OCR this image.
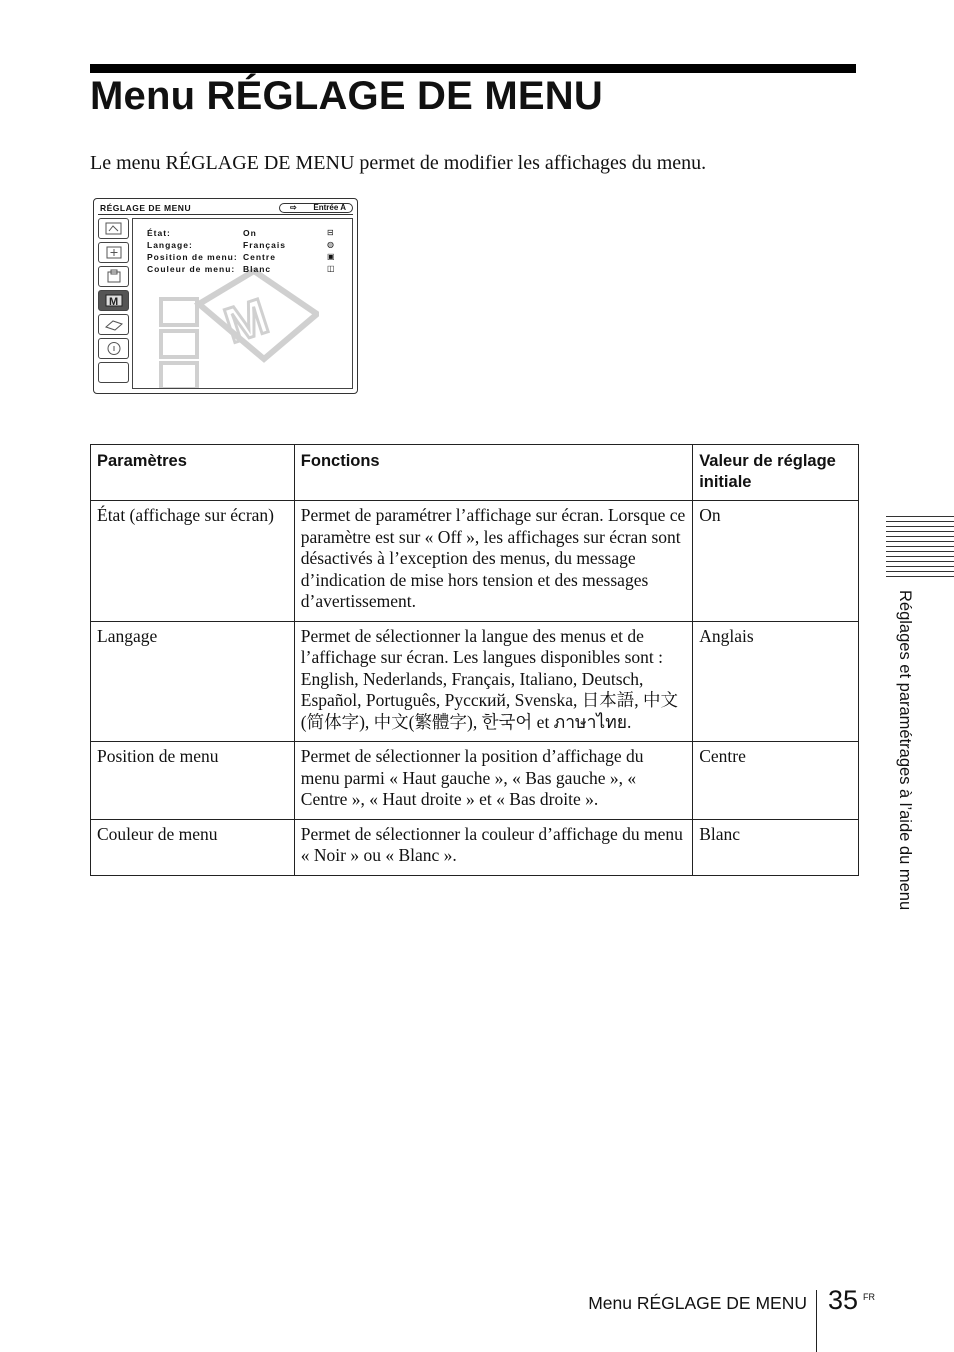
Menu RÉGLAGE DE MENU

Le menu RÉGLAGE DE MENU permet de modifier les affichages du menu.

RÉGLAGE DE MENU	⇨ Entrée A
M M
État:	On	⊟
Langage:	Français	◍
Position de menu: Centre	▣
Couleur de menu: Blanc	◫
Paramètres	Fonctions	Valeur de réglage initiale
État (affichage sur écran)	Permet de paramétrer l’affichage sur écran. Lorsque ce paramètre est sur « Off », les affichages sur écran sont désactivés à l’exception des menus, du message d’indication de mise hors tension et des messages d’avertissement.	On
Langage	Permet de sélectionner la langue des menus et de l’affichage sur écran. Les langues disponibles sont : English, Nederlands, Français, Italiano, Deutsch, Español, Português, Pусский, Svenska, 日本語, 中文(简体字), 中文(繁體字), 한국어 et ภาษาไทย.	Anglais
Position de menu	Permet de sélectionner la position d’affichage du menu parmi « Haut gauche », « Bas gauche », « Centre », « Haut droite » et « Bas droite ».	Centre
Couleur de menu	Permet de sélectionner la couleur d’affichage du menu « Noir » ou « Blanc ».	Blanc	Réglages et paramétrages à l’aide du menu
Menu RÉGLAGE DE MENU 35 FR
